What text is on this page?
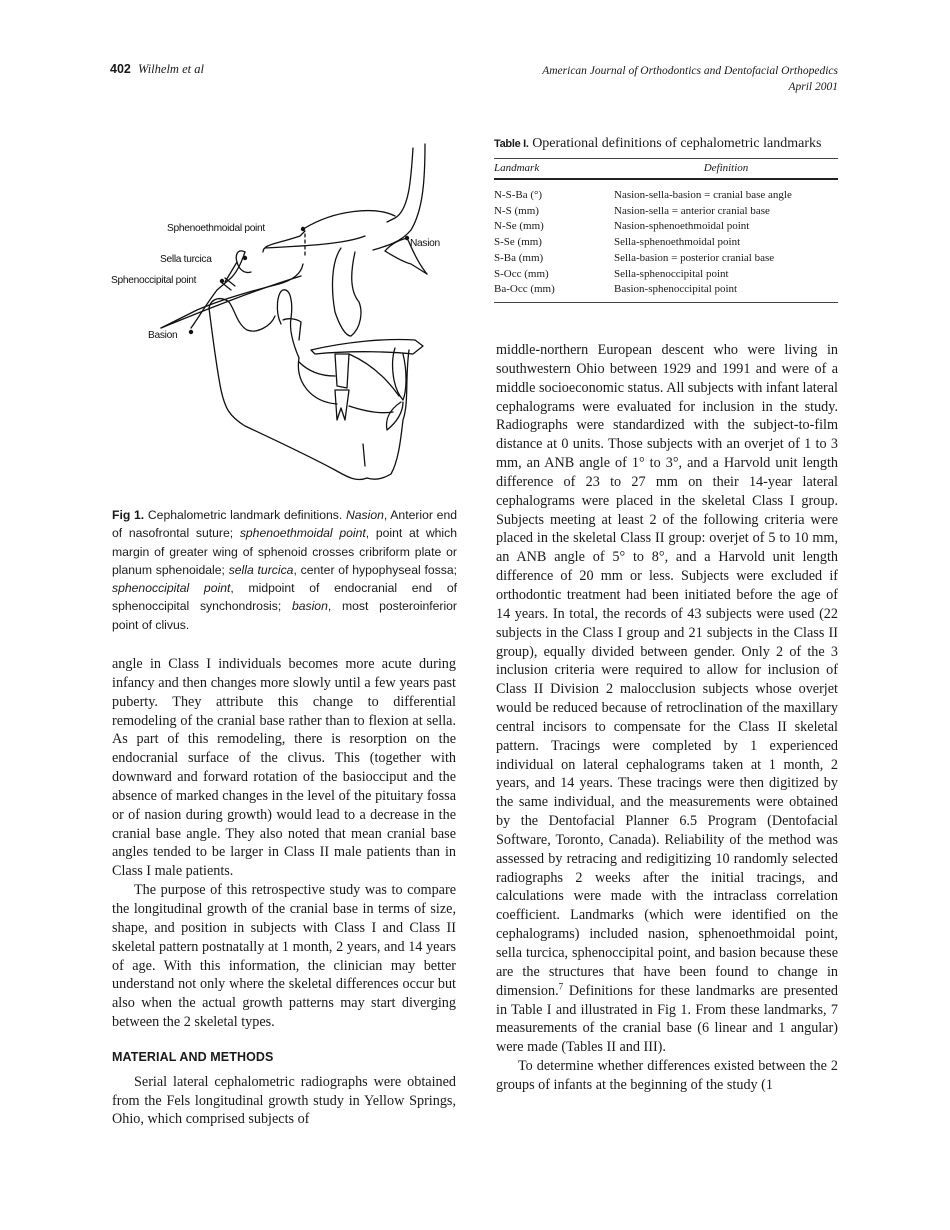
402 Wilhelm et al	American Journal of Orthodontics and Dentofacial Orthopedics
April 2001
Sphenoethmoidal point
Sella turcica
Sphenoccipital point
Basion
Nasion
Fig 1. Cephalometric landmark definitions. Nasion, Anterior end of nasofrontal suture; sphenoethmoidal point, point at which margin of greater wing of sphenoid crosses cribriform plate or planum sphenoidale; sella turcica, center of hypophyseal fossa; sphenoccipital point, midpoint of endocranial end of sphenoccipital synchondrosis; basion, most posteroinferior point of clivus.
Table I. Operational definitions of cephalometric landmarks
Landmark	Definition
N-S-Ba (°)	Nasion-sella-basion = cranial base angle
N-S (mm)	Nasion-sella = anterior cranial base
N-Se (mm)	Nasion-sphenoethmoidal point
S-Se (mm)	Sella-sphenoethmoidal point
S-Ba (mm)	Sella-basion = posterior cranial base
S-Occ (mm)	Sella-sphenoccipital point
Ba-Occ (mm)	Basion-sphenoccipital point

angle in Class I individuals becomes more acute during infancy and then changes more slowly until a few years past puberty. They attribute this change to differential remodeling of the cranial base rather than to flexion at sella. As part of this remodeling, there is resorption on the endocranial surface of the clivus. This (together with downward and forward rotation of the basiocciput and the absence of marked changes in the level of the pituitary fossa or of nasion during growth) would lead to a decrease in the cranial base angle. They also noted that mean cranial base angles tended to be larger in Class II male patients than in Class I male patients.

The purpose of this retrospective study was to compare the longitudinal growth of the cranial base in terms of size, shape, and position in subjects with Class I and Class II skeletal pattern postnatally at 1 month, 2 years, and 14 years of age. With this information, the clinician may better understand not only where the skeletal differences occur but also when the actual growth patterns may start diverging between the 2 skeletal types.

MATERIAL AND METHODS

Serial lateral cephalometric radiographs were obtained from the Fels longitudinal growth study in Yellow Springs, Ohio, which comprised subjects of

middle-northern European descent who were living in southwestern Ohio between 1929 and 1991 and were of a middle socioeconomic status. All subjects with infant lateral cephalograms were evaluated for inclusion in the study. Radiographs were standardized with the subject-to-film distance at 0 units. Those subjects with an overjet of 1 to 3 mm, an ANB angle of 1° to 3°, and a Harvold unit length difference of 23 to 27 mm on their 14-year lateral cephalograms were placed in the skeletal Class I group. Subjects meeting at least 2 of the following criteria were placed in the skeletal Class II group: overjet of 5 to 10 mm, an ANB angle of 5° to 8°, and a Harvold unit length difference of 20 mm or less. Subjects were excluded if orthodontic treatment had been initiated before the age of 14 years. In total, the records of 43 subjects were used (22 subjects in the Class I group and 21 subjects in the Class II group), equally divided between gender. Only 2 of the 3 inclusion criteria were required to allow for inclusion of Class II Division 2 malocclusion subjects whose overjet would be reduced because of retroclination of the maxillary central incisors to compensate for the Class II skeletal pattern. Tracings were completed by 1 experienced individual on lateral cephalograms taken at 1 month, 2 years, and 14 years. These tracings were then digitized by the same individual, and the measurements were obtained by the Dentofacial Planner 6.5 Program (Dentofacial Software, Toronto, Canada). Reliability of the method was assessed by retracing and redigitizing 10 randomly selected radiographs 2 weeks after the initial tracings, and calculations were made with the intraclass correlation coefficient. Landmarks (which were identified on the cephalograms) included nasion, sphenoethmoidal point, sella turcica, sphenoccipital point, and basion because these are the structures that have been found to change in dimension.$^7$ Definitions for these landmarks are presented in Table I and illustrated in Fig 1. From these landmarks, 7 measurements of the cranial base (6 linear and 1 angular) were made (Tables II and III).

To determine whether differences existed between the 2 groups of infants at the beginning of the study (1
